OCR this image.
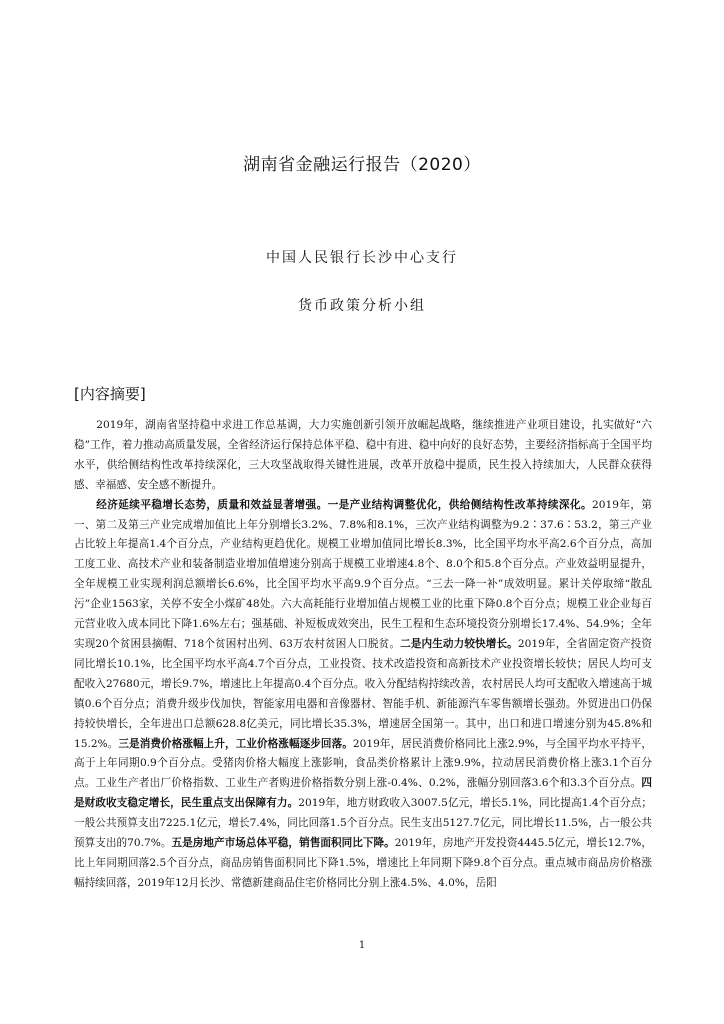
湖南省金融运行报告（2020）
中国人民银行长沙中心支行
货币政策分析小组
[内容摘要]

2019年，湖南省坚持稳中求进工作总基调，大力实施创新引领开放崛起战略，继续推进产业项目建设，扎实做好“六稳”工作，着力推动高质量发展，全省经济运行保持总体平稳、稳中有进、稳中向好的良好态势，主要经济指标高于全国平均水平，供给侧结构性改革持续深化，三大攻坚战取得关键性进展，改革开放稳中提质，民生投入持续加大，人民群众获得感、幸福感、安全感不断提升。

经济延续平稳增长态势，质量和效益显著增强。一是产业结构调整优化，供给侧结构性改革持续深化。2019年，第一、第二及第三产业完成增加值比上年分别增长3.2%、7.8%和8.1%，三次产业结构调整为9.2∶37.6∶53.2，第三产业占比较上年提高1.4个百分点，产业结构更趋优化。规模工业增加值同比增长8.3%，比全国平均水平高2.6个百分点，高加工度工业、高技术产业和装备制造业增加值增速分别高于规模工业增速4.8个、8.0个和5.8个百分点。产业效益明显提升，全年规模工业实现利润总额增长6.6%，比全国平均水平高9.9个百分点。“三去一降一补”成效明显。累计关停取缔“散乱污”企业1563家，关停不安全小煤矿48处。六大高耗能行业增加值占规模工业的比重下降0.8个百分点；规模工业企业每百元营业收入成本同比下降1.6%左右；强基础、补短板成效突出，民生工程和生态环境投资分别增长17.4%、54.9%；全年实现20个贫困县摘帽、718个贫困村出列、63万农村贫困人口脱贫。二是内生动力较快增长。2019年，全省固定资产投资同比增长10.1%，比全国平均水平高4.7个百分点，工业投资、技术改造投资和高新技术产业投资增长较快；居民人均可支配收入27680元，增长9.7%，增速比上年提高0.4个百分点。收入分配结构持续改善，农村居民人均可支配收入增速高于城镇0.6个百分点；消费升级步伐加快，智能家用电器和音像器材、智能手机、新能源汽车零售额增长强劲。外贸进出口仍保持较快增长，全年进出口总额628.8亿美元，同比增长35.3%，增速居全国第一。其中，出口和进口增速分别为45.8%和15.2%。三是消费价格涨幅上升，工业价格涨幅逐步回落。2019年，居民消费价格同比上涨2.9%，与全国平均水平持平，高于上年同期0.9个百分点。受猪肉价格大幅度上涨影响，食品类价格累计上涨9.9%，拉动居民消费价格上涨3.1个百分点。工业生产者出厂价格指数、工业生产者购进价格指数分别上涨-0.4%、0.2%，涨幅分别回落3.6个和3.3个百分点。四是财政收支稳定增长，民生重点支出保障有力。2019年，地方财政收入3007.5亿元，增长5.1%，同比提高1.4个百分点；一般公共预算支出7225.1亿元，增长7.4%，同比回落1.5个百分点。民生支出5127.7亿元，同比增长11.5%，占一般公共预算支出的70.7%。五是房地产市场总体平稳，销售面积同比下降。2019年，房地产开发投资4445.5亿元，增长12.7%，比上年同期回落2.5个百分点，商品房销售面积同比下降1.5%，增速比上年同期下降9.8个百分点。重点城市商品房价格涨幅持续回落，2019年12月长沙、常德新建商品住宅价格同比分别上涨4.5%、4.0%，岳阳

1
